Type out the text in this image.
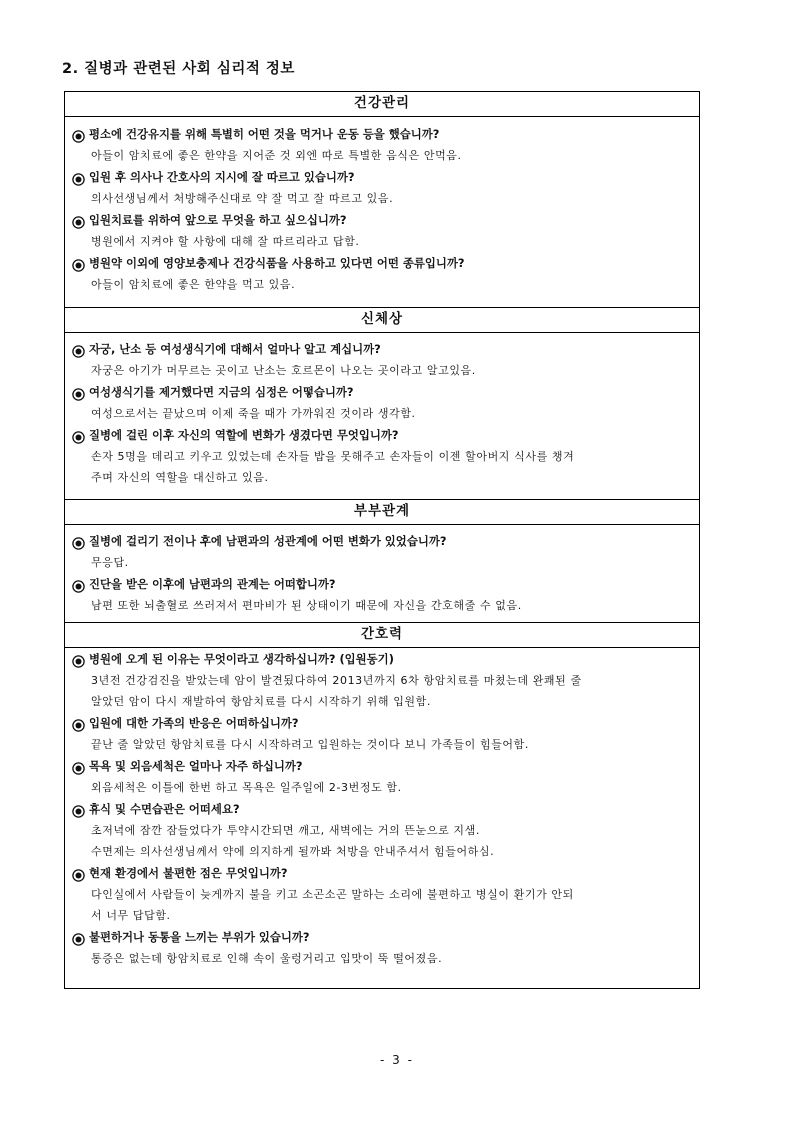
2. 질병과 관련된 사회 심리적 정보
건강관리
평소에 건강유지를 위해 특별히 어떤 것을 먹거나 운동 등을 했습니까?
아들이 암치료에 좋은 한약을 지어준 것 외엔 따로 특별한 음식은 안먹음.
입원 후 의사나 간호사의 지시에 잘 따르고 있습니까?
의사선생님께서 처방해주신대로 약 잘 먹고 잘 따르고 있음.
입원치료를 위하여 앞으로 무엇을 하고 싶으십니까?
병원에서 지켜야 할 사항에 대해 잘 따르리라고 답함.
병원약 이외에 영양보충제나 건강식품을 사용하고 있다면 어떤 종류입니까?
아들이 암치료에 좋은 한약을 먹고 있음.
신체상
자궁, 난소 등 여성생식기에 대해서 얼마나 알고 계십니까?
자궁은 아기가 머무르는 곳이고 난소는 호르몬이 나오는 곳이라고 알고있음.
여성생식기를 제거했다면 지금의 심정은 어떻습니까?
여성으로서는 끝났으며 이제 죽을 때가 가까워진 것이라 생각함.
질병에 걸린 이후 자신의 역할에 변화가 생겼다면 무엇입니까?
손자 5명을 데리고 키우고 있었는데 손자들 밥을 못해주고 손자들이 이젠 할아버지 식사를 챙겨
주며 자신의 역할을 대신하고 있음.
부부관계
질병에 걸리기 전이나 후에 남편과의 성관계에 어떤 변화가 있었습니까?
무응답.
진단을 받은 이후에 남편과의 관계는 어떠합니까?
남편 또한 뇌출혈로 쓰러져서 편마비가 된 상태이기 때문에 자신을 간호해줄 수 없음.
간호력
병원에 오게 된 이유는 무엇이라고 생각하십니까? (입원동기)
3년전 건강검진을 받았는데 암이 발견됬다하여 2013년까지 6차 항암치료를 마쳤는데 완쾌된 줄
알았던 암이 다시 재발하여 항암치료를 다시 시작하기 위해 입원함.
입원에 대한 가족의 반응은 어떠하십니까?
끝난 줄 알았던 항암치료를 다시 시작하려고 입원하는 것이다 보니 가족들이 힘들어함.
목욕 및 외음세척은 얼마나 자주 하십니까?
외음세척은 이틀에 한번 하고 목욕은 일주일에 2-3번정도 함.
휴식 및 수면습관은 어떠세요?
초저녁에 잠깐 잠들었다가 투약시간되면 깨고, 새벽에는 거의 뜬눈으로 지샘.
수면제는 의사선생님께서 약에 의지하게 될까봐 처방을 안내주셔서 힘들어하심.
현재 환경에서 불편한 점은 무엇입니까?
다인실에서 사람들이 늦게까지 불을 키고 소곤소곤 말하는 소리에 불편하고 병실이 환기가 안되
서 너무 답답함.
불편하거나 동통을 느끼는 부위가 있습니까?
통증은 없는데 항암치료로 인해 속이 울렁거리고 입맛이 뚝 떨어졌음.
- 3 -
